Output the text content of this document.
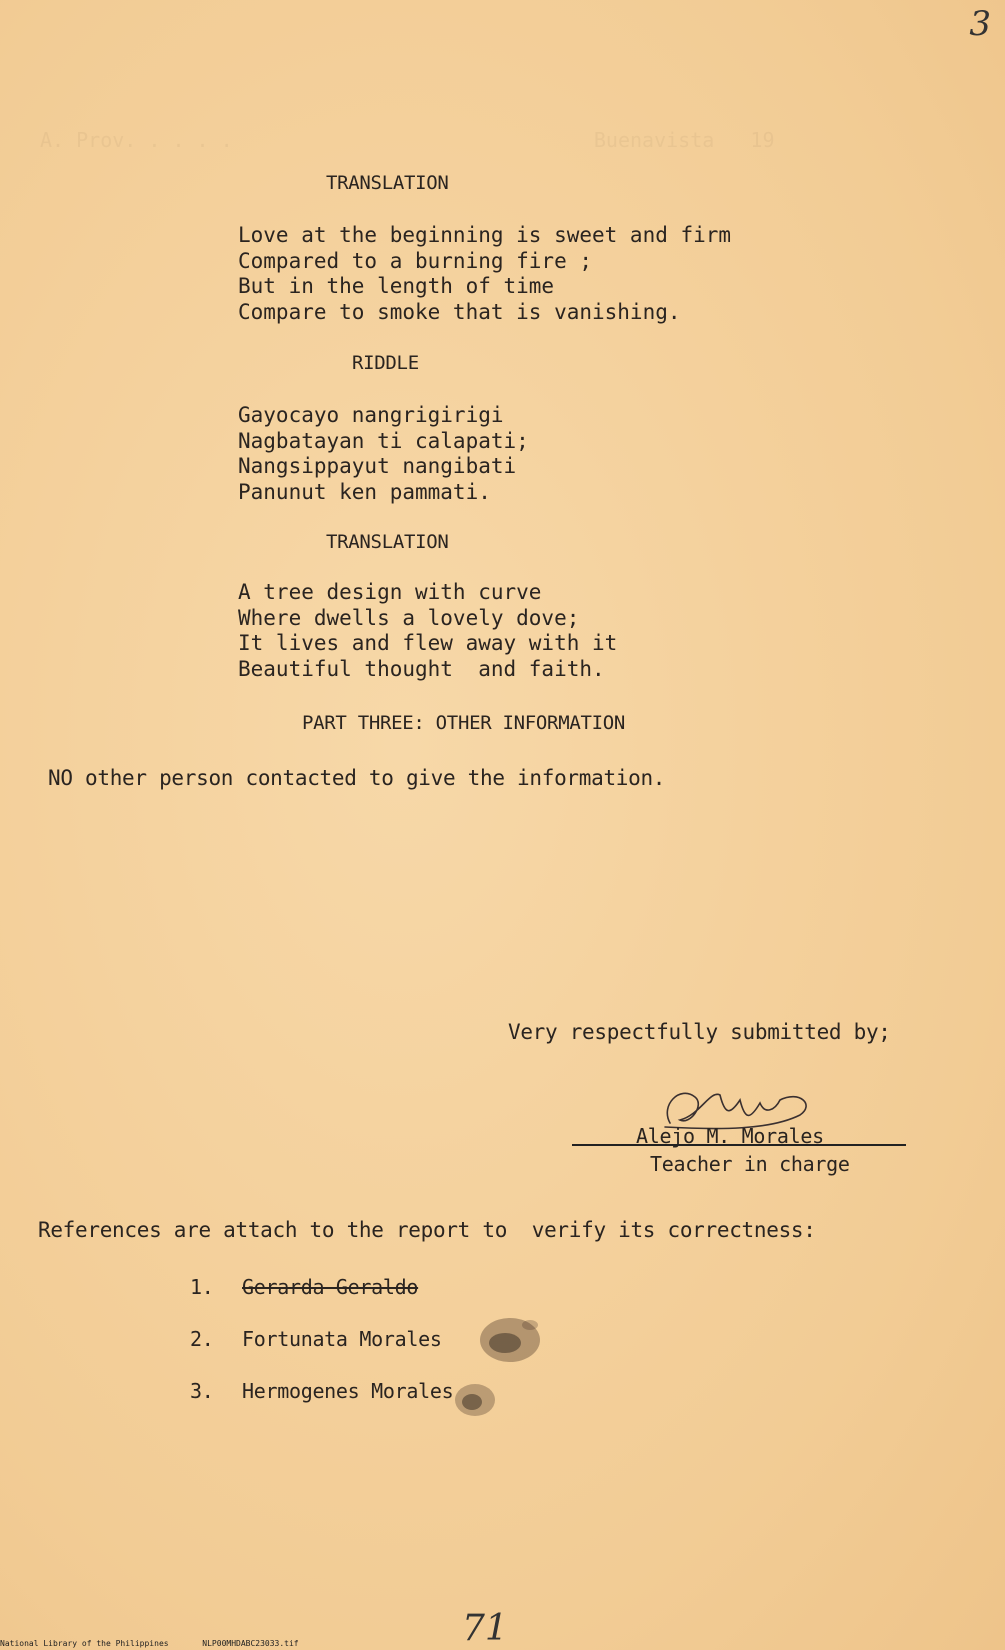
3
A. Prov. . . . .                              Buenavista   19
TRANSLATION
Love at the beginning is sweet and firm
Compared to a burning fire ;
But in the length of time
Compare to smoke that is vanishing.
RIDDLE
Gayocayo nangrigirigi
Nagbatayan ti calapati;
Nangsippayut nangibati
Panunut ken pammati.
TRANSLATION
A tree design with curve
Where dwells a lovely dove;
It lives and flew away with it
Beautiful thought  and faith.
PART THREE: OTHER INFORMATION
NO other person contacted to give the information.
Very respectfully submitted by;
Alejo M. Morales
Teacher in charge
References are attach to the report to  verify its correctness:
1. Gerarda Geraldo
2. Fortunata Morales
3. Hermogenes Morales
71
National Library of the Philippines	NLP00MHDABC23033.tif
